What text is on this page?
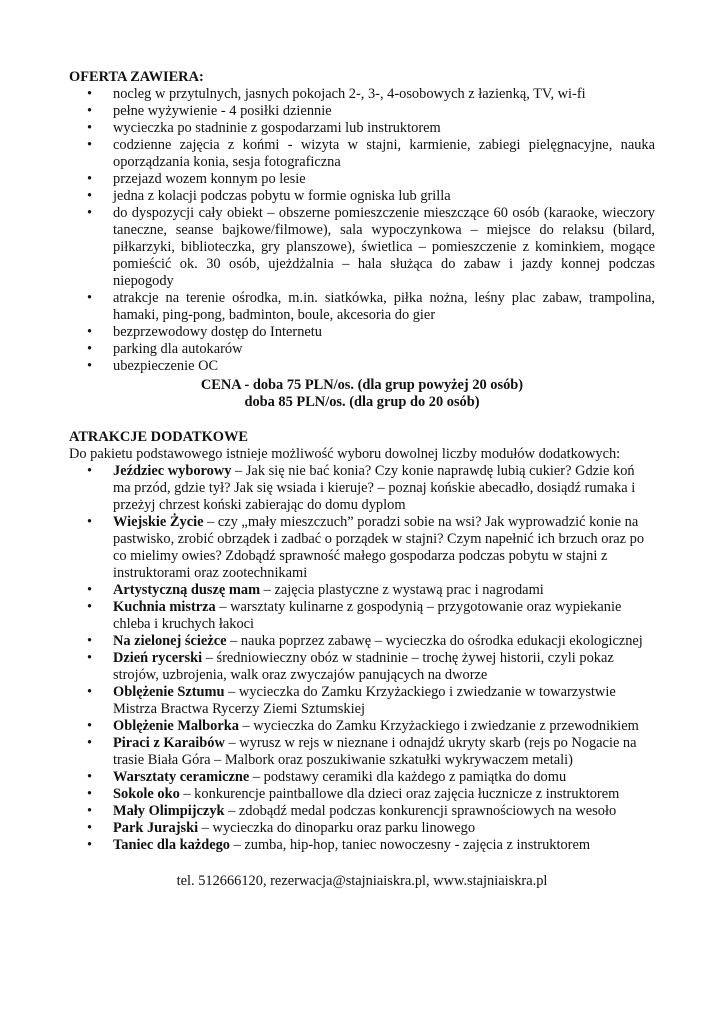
OFERTA ZAWIERA:

• nocleg w przytulnych, jasnych pokojach 2-, 3-, 4-osobowych z łazienką, TV, wi-fi
• pełne wyżywienie - 4 posiłki dziennie
• wycieczka po stadninie z gospodarzami lub instruktorem
• codzienne zajęcia z końmi - wizyta w stajni, karmienie, zabiegi pielęgnacyjne, nauka oporządzania konia, sesja fotograficzna
• przejazd wozem konnym po lesie
• jedna z kolacji podczas pobytu w formie ogniska lub grilla
• do dyspozycji cały obiekt – obszerne pomieszczenie mieszczące 60 osób (karaoke, wieczory taneczne, seanse bajkowe/filmowe), sala wypoczynkowa – miejsce do relaksu (bilard, piłkarzyki, biblioteczka, gry planszowe), świetlica – pomieszczenie z kominkiem, mogące pomieścić ok. 30 osób, ujeżdżalnia – hala służąca do zabaw i jazdy konnej podczas niepogody
• atrakcje na terenie ośrodka, m.in. siatkówka, piłka nożna, leśny plac zabaw, trampolina, hamaki, ping-pong, badminton, boule, akcesoria do gier
• bezprzewodowy dostęp do Internetu
• parking dla autokarów
• ubezpieczenie OC
CENA - doba 75 PLN/os. (dla grup powyżej 20 osób)
doba 85 PLN/os. (dla grup do 20 osób)

ATRAKCJE DODATKOWE

Do pakietu podstawowego istnieje możliwość wyboru dowolnej liczby modułów dodatkowych:

• Jeździec wyborowy – Jak się nie bać konia? Czy konie naprawdę lubią cukier? Gdzie koń ma przód, gdzie tył? Jak się wsiada i kieruje? – poznaj końskie abecadło, dosiądź rumaka i przeżyj chrzest koński zabierając do domu dyplom
• Wiejskie Życie – czy „mały mieszczuch” poradzi sobie na wsi? Jak wyprowadzić konie na pastwisko, zrobić obrządek i zadbać o porządek w stajni? Czym napełnić ich brzuch oraz po co mielimy owies? Zdobądź sprawność małego gospodarza podczas pobytu w stajni z instruktorami oraz zootechnikami
• Artystyczną duszę mam – zajęcia plastyczne z wystawą prac i nagrodami
• Kuchnia mistrza – warsztaty kulinarne z gospodynią – przygotowanie oraz wypiekanie chleba i kruchych łakoci
• Na zielonej ścieżce – nauka poprzez zabawę – wycieczka do ośrodka edukacji ekologicznej
• Dzień rycerski – średniowieczny obóz w stadninie – trochę żywej historii, czyli pokaz strojów, uzbrojenia, walk oraz zwyczajów panujących na dworze
• Oblężenie Sztumu – wycieczka do Zamku Krzyżackiego i zwiedzanie w towarzystwie Mistrza Bractwa Rycerzy Ziemi Sztumskiej
• Oblężenie Malborka – wycieczka do Zamku Krzyżackiego i zwiedzanie z przewodnikiem
• Piraci z Karaibów – wyrusz w rejs w nieznane i odnajdź ukryty skarb (rejs po Nogacie na trasie Biała Góra – Malbork oraz poszukiwanie szkatułki wykrywaczem metali)
• Warsztaty ceramiczne – podstawy ceramiki dla każdego z pamiątka do domu
• Sokole oko – konkurencje paintballowe dla dzieci oraz zajęcia łucznicze z instruktorem
• Mały Olimpijczyk – zdobądź medal podczas konkurencji sprawnościowych na wesoło
• Park Jurajski – wycieczka do dinoparku oraz parku linowego
• Taniec dla każdego – zumba, hip-hop, taniec nowoczesny - zajęcia z instruktorem

tel. 512666120, rezerwacja@stajniaiskra.pl, www.stajniaiskra.pl
